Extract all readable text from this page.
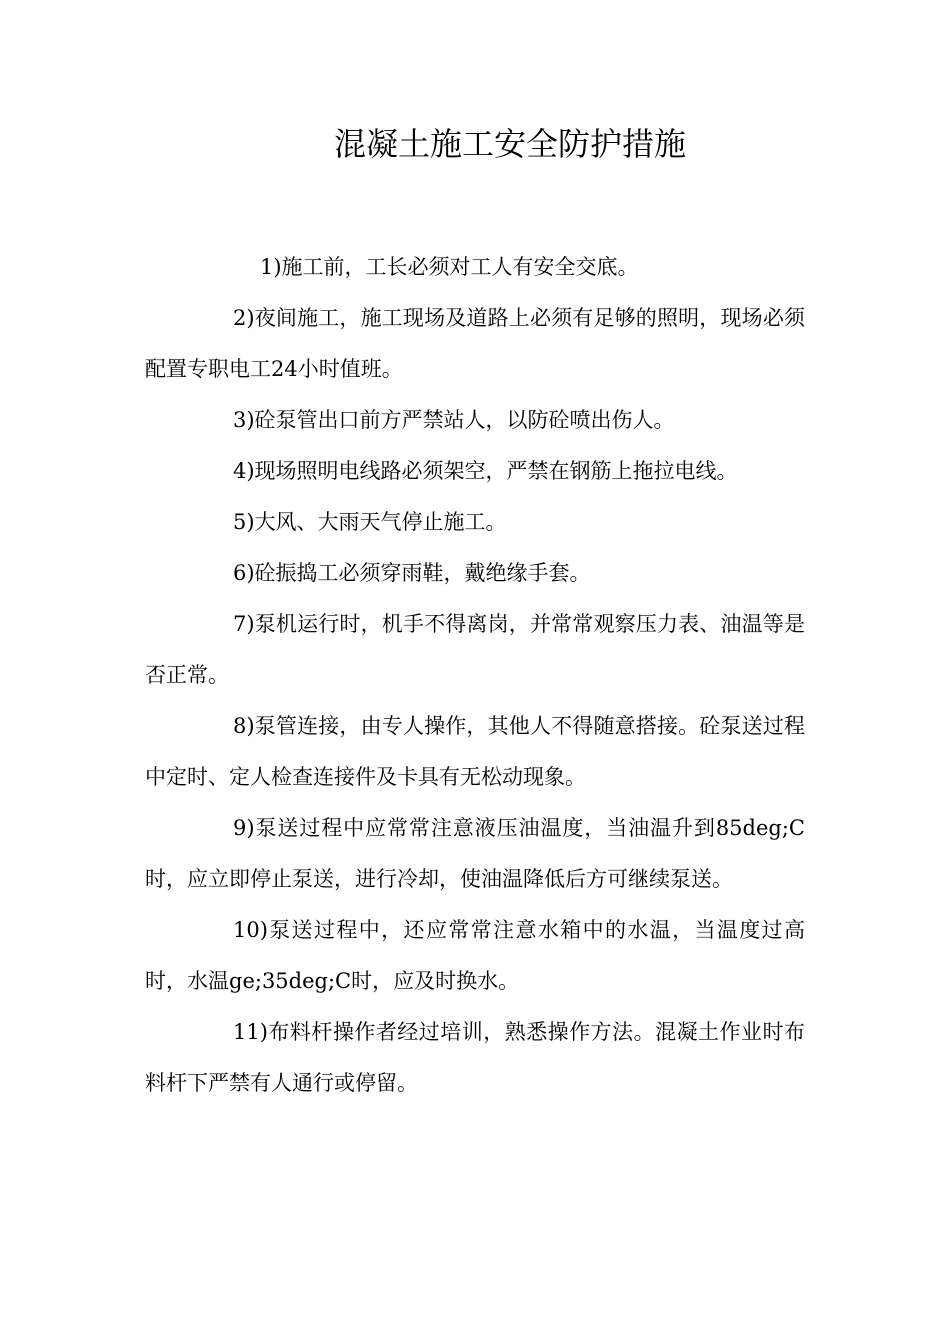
混凝土施工安全防护措施

1)施工前，工长必须对工人有安全交底。

2)夜间施工，施工现场及道路上必须有足够的照明，现场必须配置专职电工24小时值班。

3)砼泵管出口前方严禁站人，以防砼喷出伤人。

4)现场照明电线路必须架空，严禁在钢筋上拖拉电线。

5)大风、大雨天气停止施工。

6)砼振捣工必须穿雨鞋，戴绝缘手套。

7)泵机运行时，机手不得离岗，并常常观察压力表、油温等是否正常。

8)泵管连接，由专人操作，其他人不得随意搭接。砼泵送过程中定时、定人检查连接件及卡具有无松动现象。

9)泵送过程中应常常注意液压油温度，当油温升到85deg;C时，应立即停止泵送，进行冷却，使油温降低后方可继续泵送。

10)泵送过程中，还应常常注意水箱中的水温，当温度过高时，水温ge;35deg;C时，应及时换水。

11)布料杆操作者经过培训，熟悉操作方法。混凝土作业时布料杆下严禁有人通行或停留。
